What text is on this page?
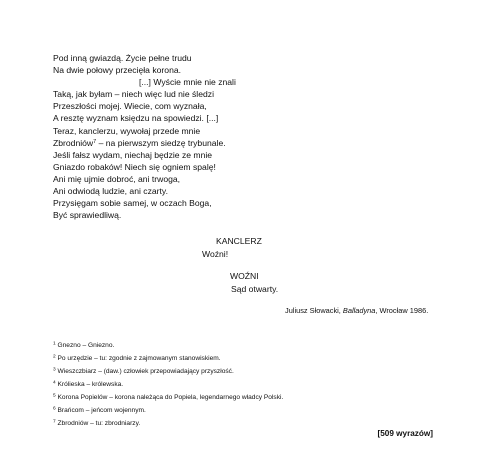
Pod inną gwiazdą. Życie pełne trudu
Na dwie połowy przecięła korona.
[...] Wyście mnie nie znali
Taką, jak byłam – niech więc lud nie śledzi
Przeszłości mojej. Wiecie, com wyznała,
A resztę wyznam księdzu na spowiedzi. [...]
Teraz, kanclerzu, wywołaj przede mnie
Zbrodniów$^7$ – na pierwszym siedzę trybunale.
Jeśli fałsz wydam, niechaj będzie ze mnie
Gniazdo robaków! Niech się ogniem spalę!
Ani mię ujmie dobroć, ani trwoga,
Ani odwiodą ludzie, ani czarty.
Przysięgam sobie samej, w oczach Boga,
Być sprawiedliwą.
KANCLERZ
Woźni!
WOŹNI
Sąd otwarty.
Juliusz Słowacki, Balladyna, Wrocław 1986.
$^1$ Gnezno – Gniezno.
$^2$ Po urzędzie – tu: zgodnie z zajmowanym stanowiskiem.
$^3$ Wieszczbiarz – (daw.) człowiek przepowiadający przyszłość.
$^4$ Królieska – królewska.
$^5$ Korona Popielów – korona należąca do Popiela, legendarnego władcy Polski.
$^6$ Brańcom – jeńcom wojennym.
$^7$ Zbrodniów – tu: zbrodniarzy.
[509 wyrazów]
